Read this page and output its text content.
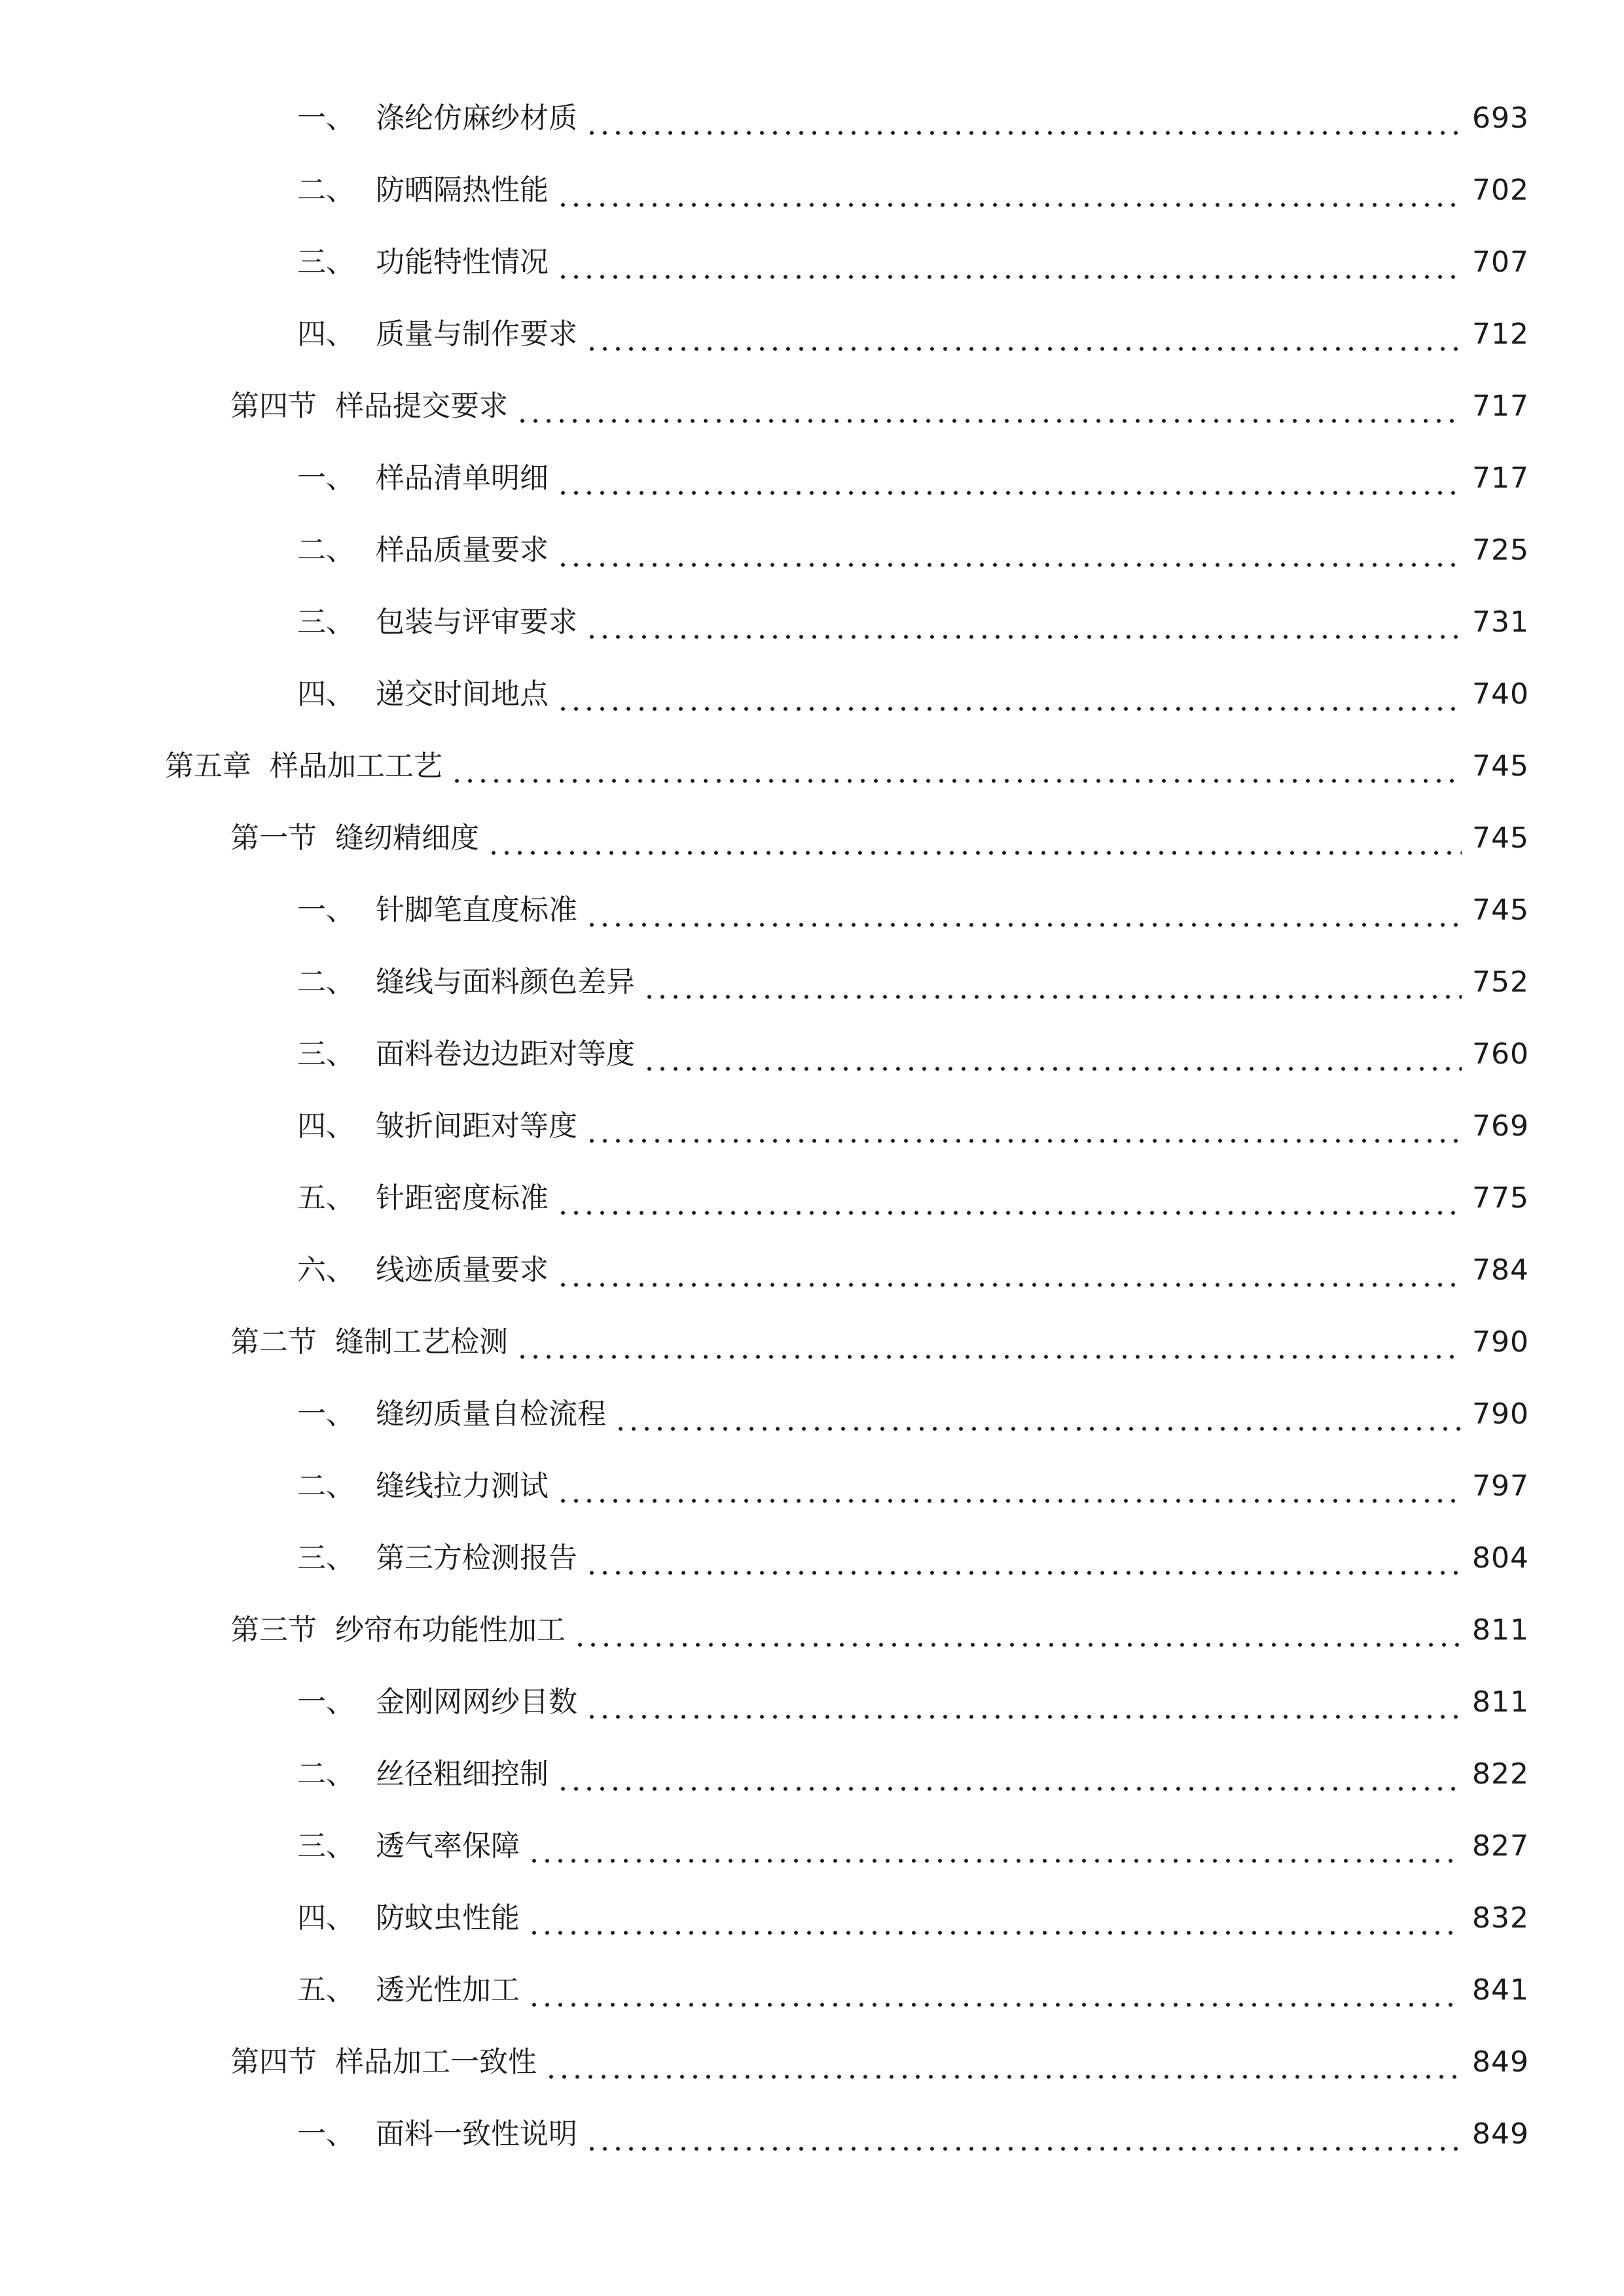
一、 涤纶仿麻纱材质	693
二、 防晒隔热性能	702
三、 功能特性情况	707
四、 质量与制作要求	712
第四节 样品提交要求	717
一、 样品清单明细	717
二、 样品质量要求	725
三、 包装与评审要求	731
四、 递交时间地点	740
第五章 样品加工工艺	745
第一节 缝纫精细度	745
一、 针脚笔直度标准	745
二、 缝线与面料颜色差异	752
三、 面料卷边边距对等度	760
四、 皱折间距对等度	769
五、 针距密度标准	775
六、 线迹质量要求	784
第二节 缝制工艺检测	790
一、 缝纫质量自检流程	790
二、 缝线拉力测试	797
三、 第三方检测报告	804
第三节 纱帘布功能性加工	811
一、 金刚网网纱目数	811
二、 丝径粗细控制	822
三、 透气率保障	827
四、 防蚊虫性能	832
五、 透光性加工	841
第四节 样品加工一致性	849
一、 面料一致性说明	849
